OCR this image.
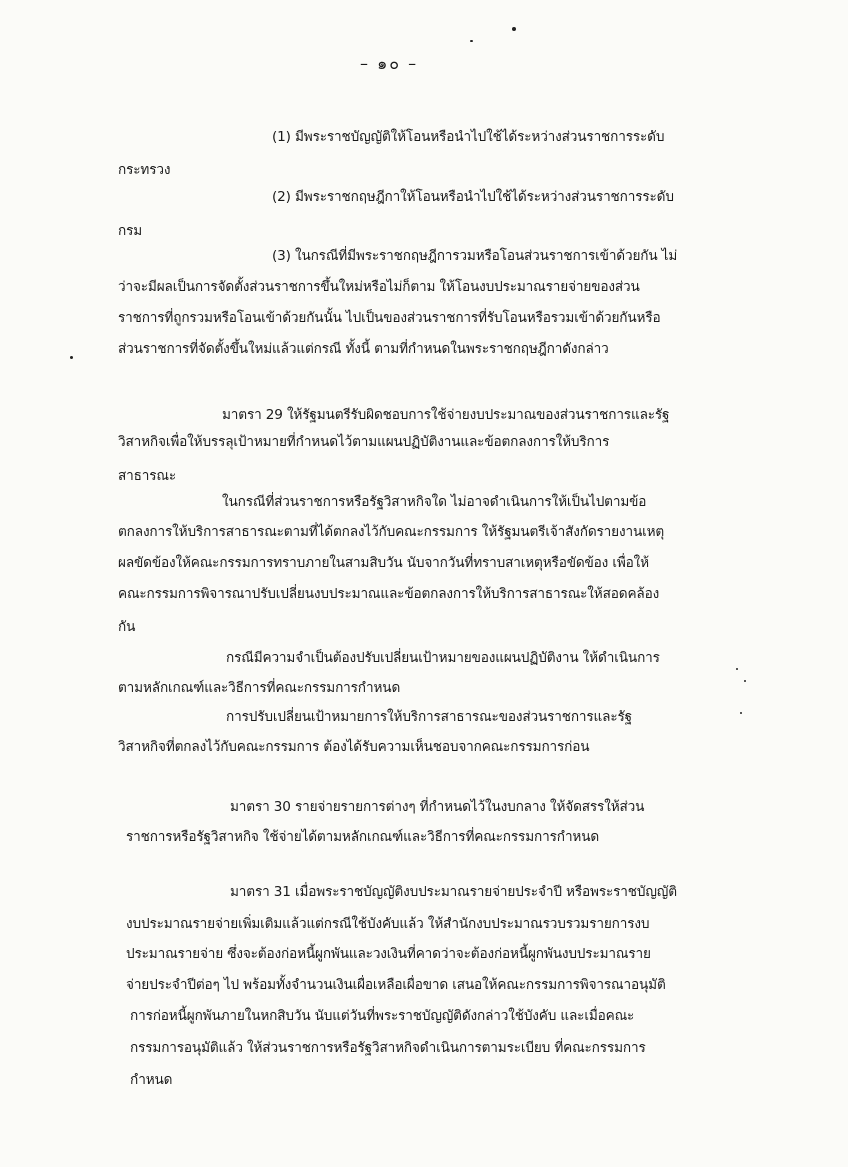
– ๑๐ –
(1) มีพระราชบัญญัติให้โอนหรือนำไปใช้ได้ระหว่างส่วนราชการระดับ
กระทรวง
(2) มีพระราชกฤษฎีกาให้โอนหรือนำไปใช้ได้ระหว่างส่วนราชการระดับ
กรม
(3) ในกรณีที่มีพระราชกฤษฎีการวมหรือโอนส่วนราชการเข้าด้วยกัน ไม่
ว่าจะมีผลเป็นการจัดตั้งส่วนราชการขึ้นใหม่หรือไม่ก็ตาม ให้โอนงบประมาณรายจ่ายของส่วน
ราชการที่ถูกรวมหรือโอนเข้าด้วยกันนั้น ไปเป็นของส่วนราชการที่รับโอนหรือรวมเข้าด้วยกันหรือ
ส่วนราชการที่จัดตั้งขึ้นใหม่แล้วแต่กรณี ทั้งนี้ ตามที่กำหนดในพระราชกฤษฎีกาดังกล่าว
มาตรา 29 ให้รัฐมนตรีรับผิดชอบการใช้จ่ายงบประมาณของส่วนราชการและรัฐ
วิสาหกิจเพื่อให้บรรลุเป้าหมายที่กำหนดไว้ตามแผนปฏิบัติงานและข้อตกลงการให้บริการ
สาธารณะ
ในกรณีที่ส่วนราชการหรือรัฐวิสาหกิจใด ไม่อาจดำเนินการให้เป็นไปตามข้อ
ตกลงการให้บริการสาธารณะตามที่ได้ตกลงไว้กับคณะกรรมการ ให้รัฐมนตรีเจ้าสังกัดรายงานเหตุ
ผลขัดข้องให้คณะกรรมการทราบภายในสามสิบวัน นับจากวันที่ทราบสาเหตุหรือขัดข้อง เพื่อให้
คณะกรรมการพิจารณาปรับเปลี่ยนงบประมาณและข้อตกลงการให้บริการสาธารณะให้สอดคล้อง
กัน
กรณีมีความจำเป็นต้องปรับเปลี่ยนเป้าหมายของแผนปฏิบัติงาน ให้ดำเนินการ
ตามหลักเกณฑ์และวิธีการที่คณะกรรมการกำหนด
การปรับเปลี่ยนเป้าหมายการให้บริการสาธารณะของส่วนราชการและรัฐ
วิสาหกิจที่ตกลงไว้กับคณะกรรมการ ต้องได้รับความเห็นชอบจากคณะกรรมการก่อน
มาตรา 30 รายจ่ายรายการต่างๆ ที่กำหนดไว้ในงบกลาง ให้จัดสรรให้ส่วน
ราชการหรือรัฐวิสาหกิจ ใช้จ่ายได้ตามหลักเกณฑ์และวิธีการที่คณะกรรมการกำหนด
มาตรา 31 เมื่อพระราชบัญญัติงบประมาณรายจ่ายประจำปี หรือพระราชบัญญัติ
งบประมาณรายจ่ายเพิ่มเติมแล้วแต่กรณีใช้บังคับแล้ว ให้สำนักงบประมาณรวบรวมรายการงบ
ประมาณรายจ่าย ซึ่งจะต้องก่อหนี้ผูกพันและวงเงินที่คาดว่าจะต้องก่อหนี้ผูกพันงบประมาณราย
จ่ายประจำปีต่อๆ ไป พร้อมทั้งจำนวนเงินเผื่อเหลือเผื่อขาด เสนอให้คณะกรรมการพิจารณาอนุมัติ
การก่อหนี้ผูกพันภายในหกสิบวัน นับแต่วันที่พระราชบัญญัติดังกล่าวใช้บังคับ และเมื่อคณะ
กรรมการอนุมัติแล้ว ให้ส่วนราชการหรือรัฐวิสาหกิจดำเนินการตามระเบียบ ที่คณะกรรมการ
กำหนด
